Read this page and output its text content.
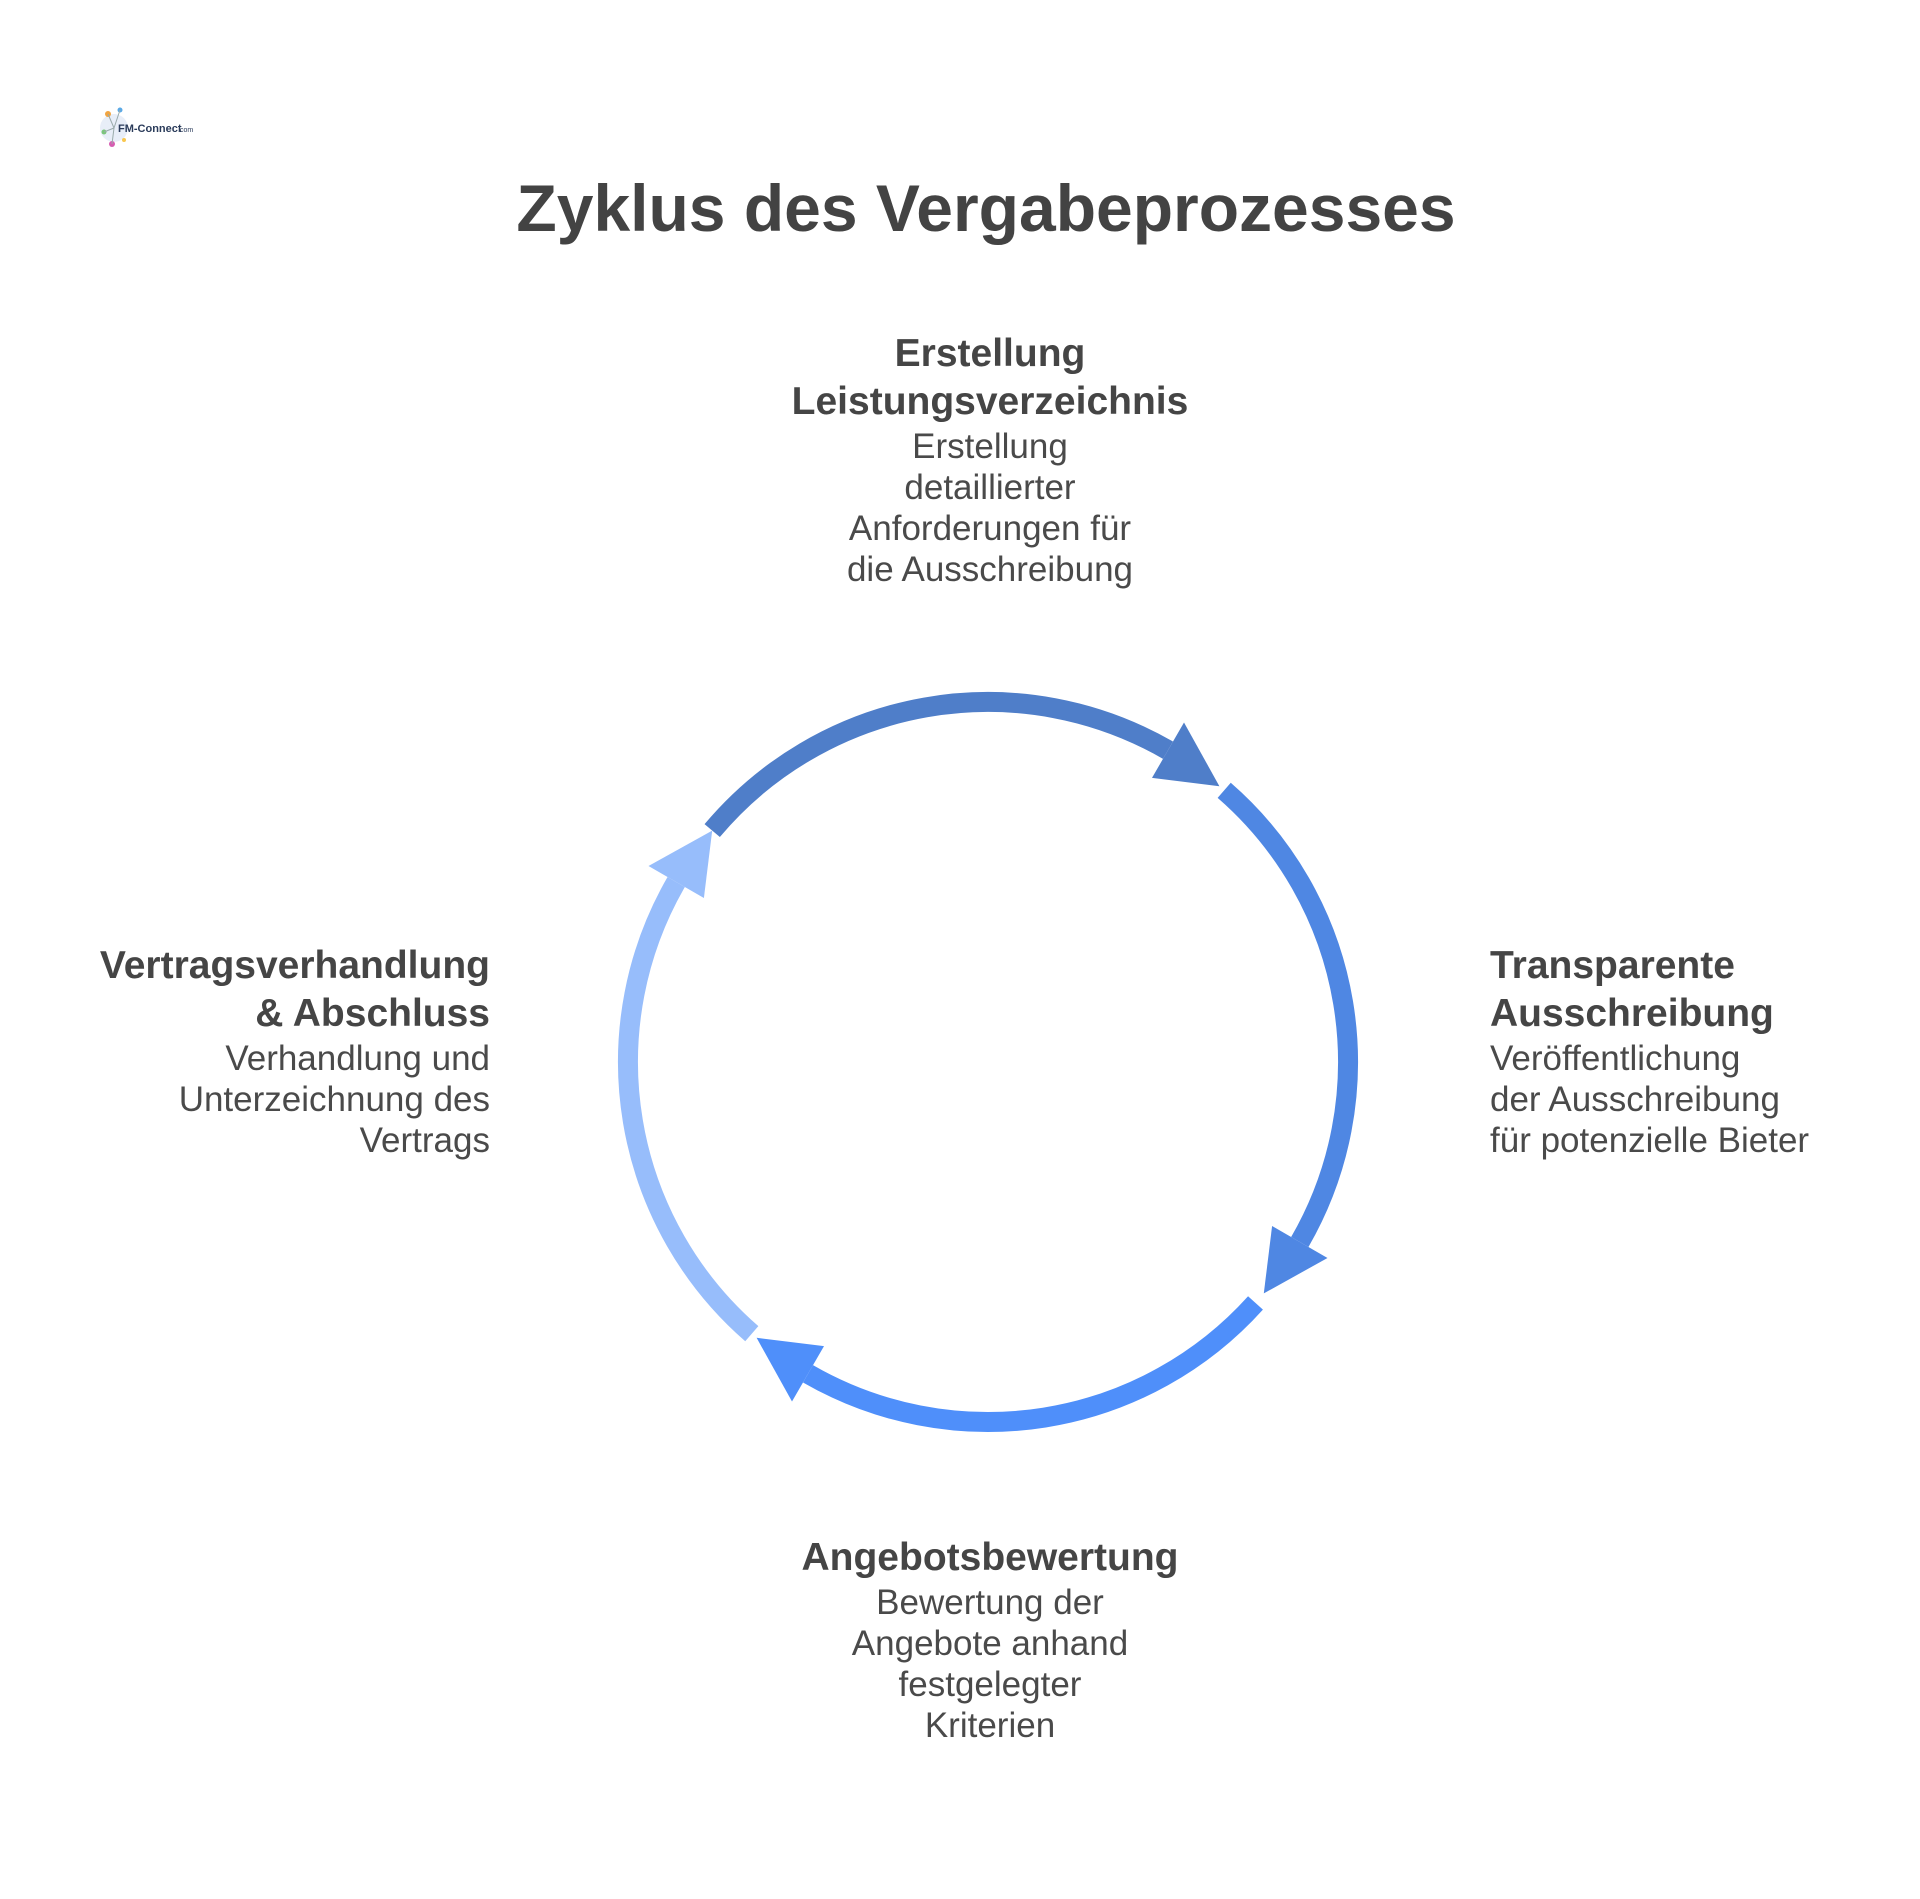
FM-Connect
.com
Zyklus des Vergabeprozesses
Erstellung
Leistungsverzeichnis
Erstellung
detaillierter
Anforderungen für
die Ausschreibung
Transparente
Ausschreibung
Veröffentlichung
der Ausschreibung
für potenzielle Bieter
Angebotsbewertung
Bewertung der
Angebote anhand
festgelegter
Kriterien
Vertragsverhandlung
& Abschluss
Verhandlung und
Unterzeichnung des
Vertrags
